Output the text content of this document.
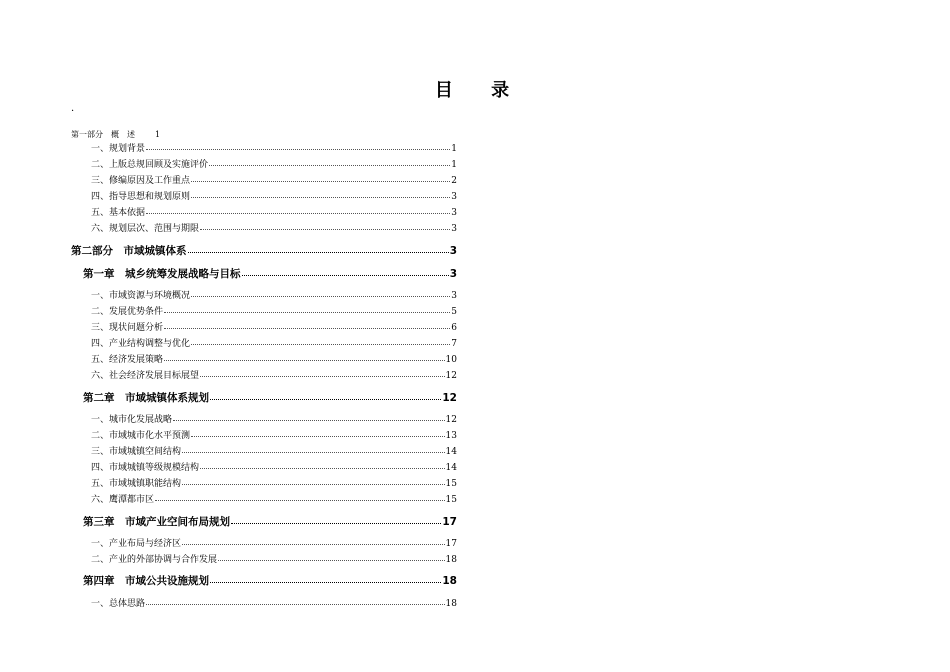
目 录
·
第一部分　概　述	1
一、规划背景	1
二、上版总规回顾及实施评价	1
三、修编原因及工作重点	2
四、指导思想和规划原则	3
五、基本依据	3
六、规划层次、范围与期限	3
第二部分　市域城镇体系	3
第一章　城乡统筹发展战略与目标	3
一、市域资源与环境概况	3
二、发展优势条件	5
三、现状问题分析	6
四、产业结构调整与优化	7
五、经济发展策略	10
六、社会经济发展目标展望	12
第二章　市域城镇体系规划	12
一、城市化发展战略	12
二、市域城市化水平预测	13
三、市域城镇空间结构	14
四、市域城镇等级规模结构	14
五、市域城镇职能结构	15
六、鹰潭都市区	15
第三章　市域产业空间布局规划	17
一、产业布局与经济区	17
二、产业的外部协调与合作发展	18
第四章　市域公共设施规划	18
一、总体思路	18
